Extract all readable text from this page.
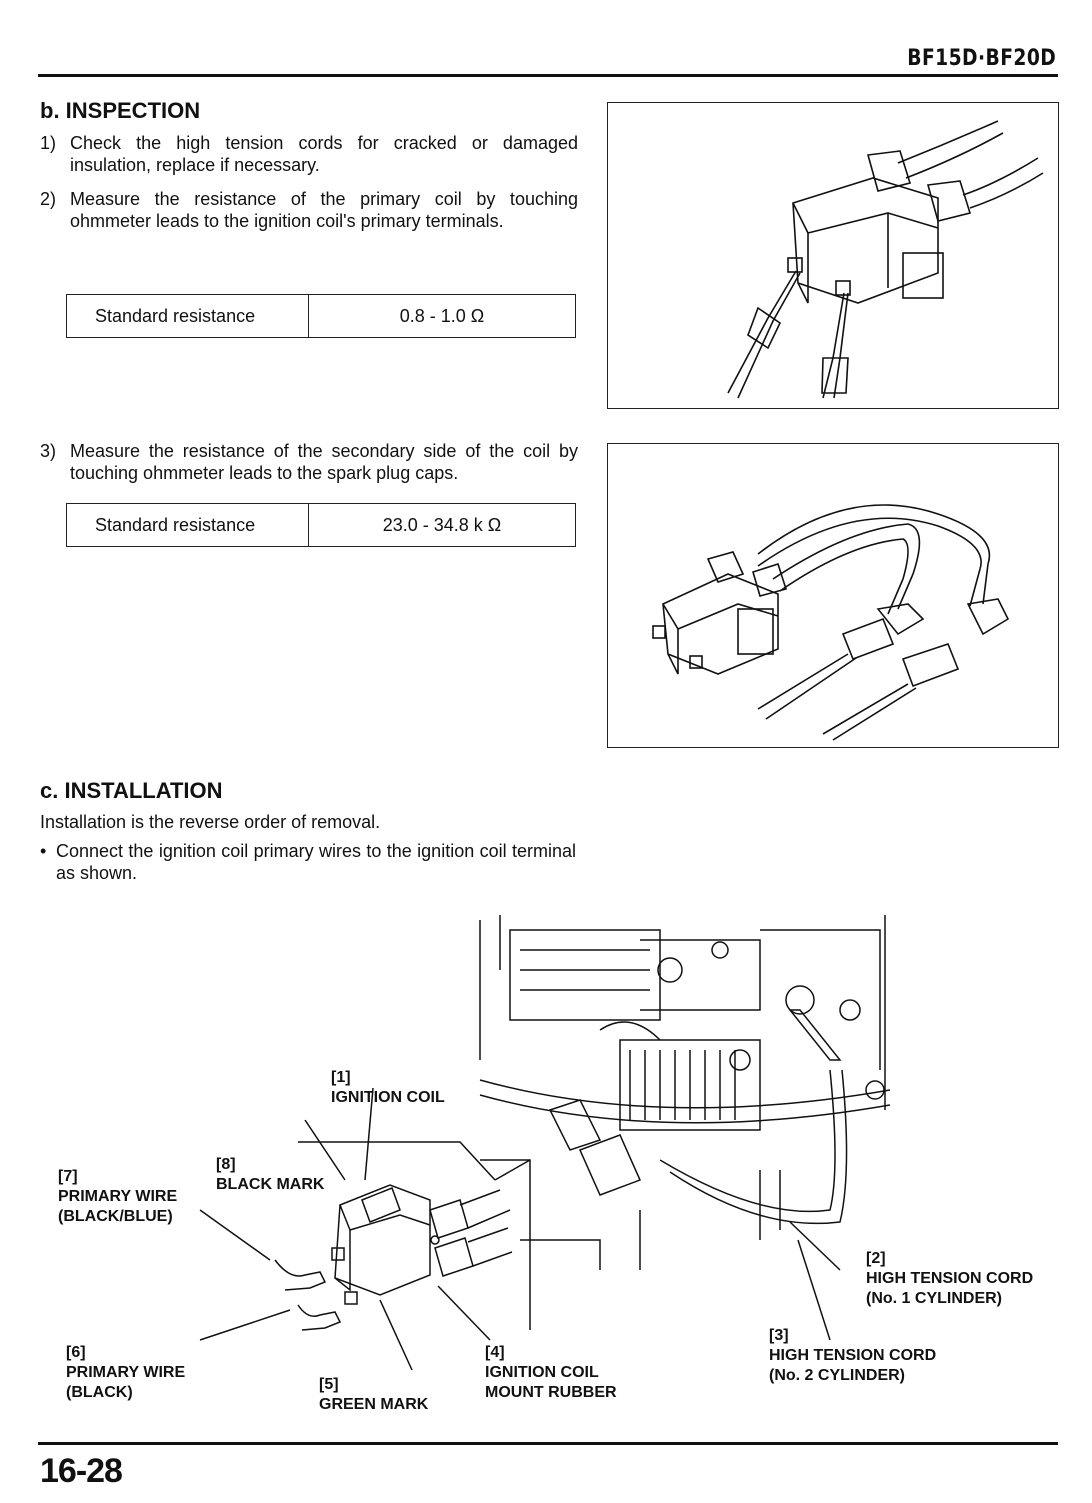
BF15D·BF20D
b. INSPECTION
1) Check the high tension cords for cracked or damaged insulation, replace if necessary.
2) Measure the resistance of the primary coil by touching ohmmeter leads to the ignition coil's primary terminals.
Standard resistance	0.8 - 1.0 Ω
3) Measure the resistance of the secondary side of the coil by touching ohmmeter leads to the spark plug caps.
Standard resistance	23.0 - 34.8 k Ω
c. INSTALLATION
Installation is the reverse order of removal.
• Connect the ignition coil primary wires to the ignition coil terminal as shown.
[1]
IGNITION COIL
[8]
BLACK MARK
[7]
PRIMARY WIRE
(BLACK/BLUE)
[2]
HIGH TENSION CORD
(No. 1 CYLINDER)
[3]
HIGH TENSION CORD
(No. 2 CYLINDER)
[6]
PRIMARY WIRE
(BLACK)
[4]
IGNITION COIL
MOUNT RUBBER
[5]
GREEN MARK
16-28
